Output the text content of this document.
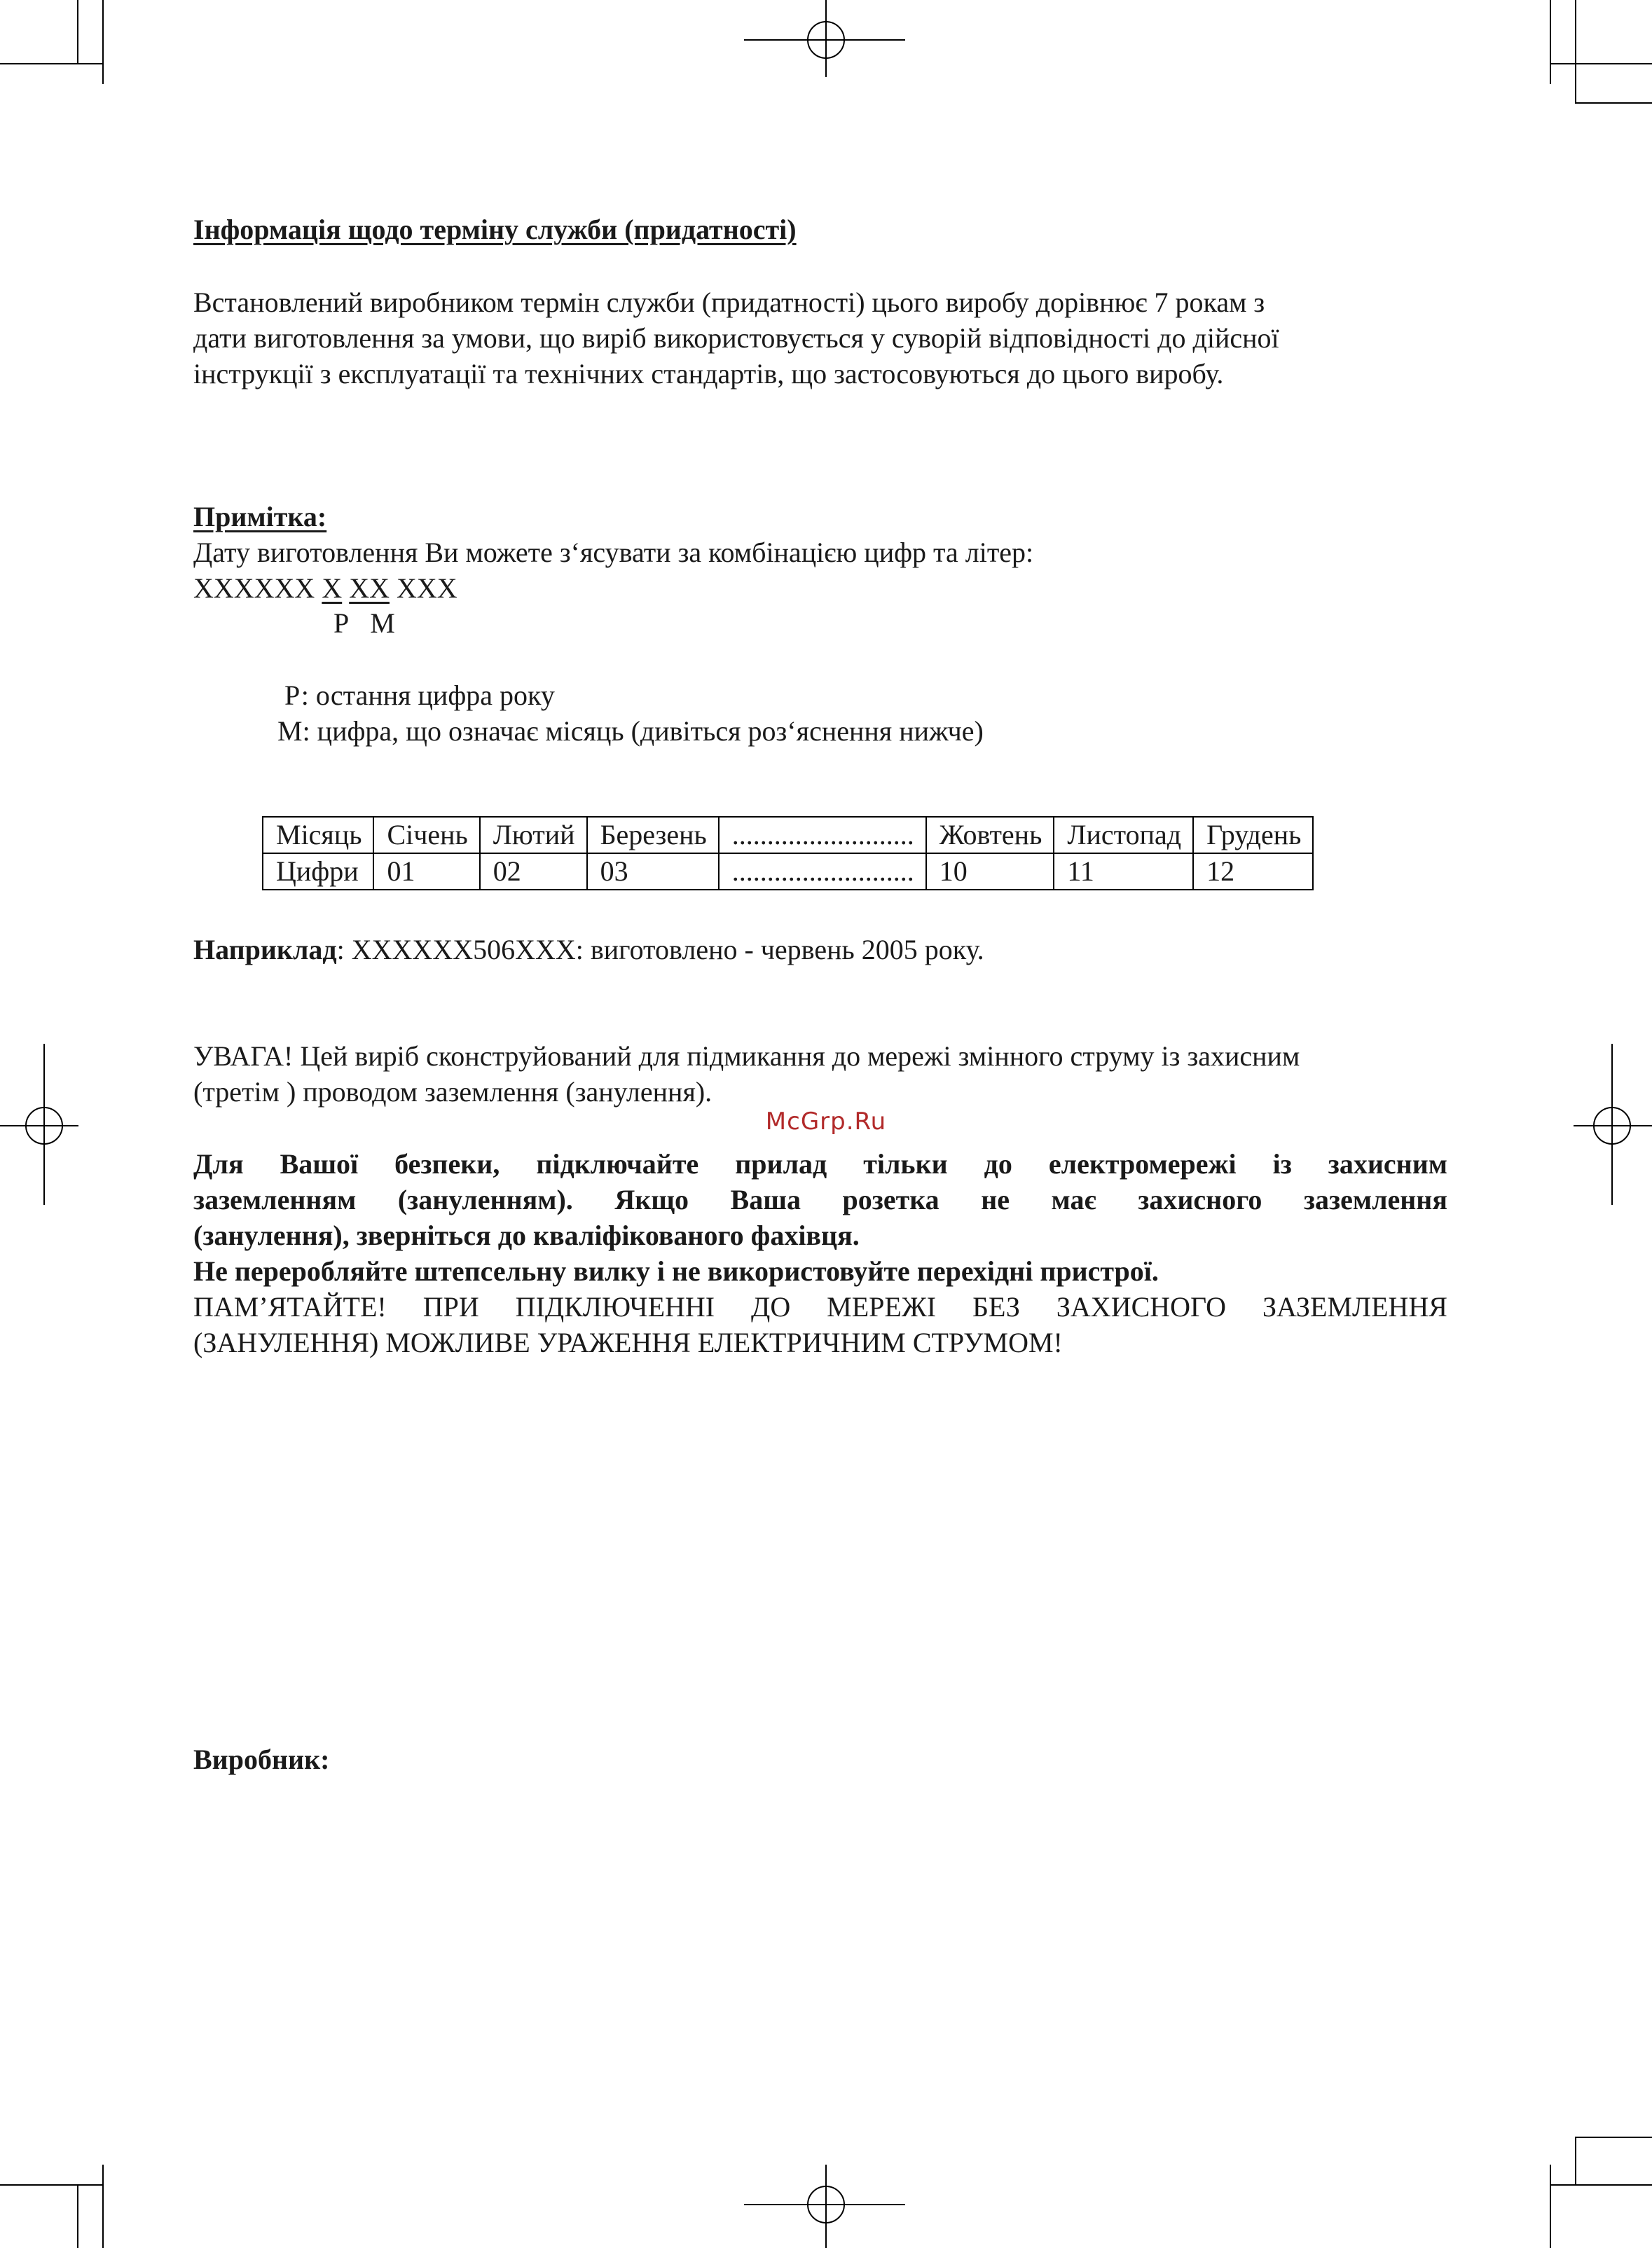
Інформація щодо терміну служби (придатності)

Встановлений виробником термін служби (придатності) цього виробу дорівнює 7 рокам з

дати виготовлення за умови, що виріб використовується у суворій відповідності до дійсної

інструкції з експлуатації та технічних стандартів, що застосовуються до цього виробу.

Примітка:

Дату виготовлення Ви можете з‘ясувати за комбінацією цифр та літер:

XXXXXX X XX XXX

Р   М

Р: остання цифра року

М: цифра, що означає місяць (дивіться роз‘яснення нижче)

Місяць	Січень	Лютий	Березень	..........................	Жовтень	Листопад	Грудень
Цифри	01	02	03	..........................	10	11	12

Наприклад: XXXXXX506XXX: виготовлено - червень 2005 року.

УВАГА! Цей виріб сконструйований для підмикання до мережі змінного струму із захисним

(третім ) проводом заземлення (занулення).

Для Вашої безпеки, підключайте прилад тільки до електромережі із захисним

заземленням (зануленням). Якщо Ваша розетка не має захисного заземлення

(занулення), зверніться до кваліфікованого фахівця.

Не переробляйте штепсельну вилку і не використовуйте перехідні пристрої.

ПАМ’ЯТАЙТЕ! ПРИ ПІДКЛЮЧЕННІ ДО МЕРЕЖІ БЕЗ ЗАХИСНОГО ЗАЗЕМЛЕННЯ

(ЗАНУЛЕННЯ) МОЖЛИВЕ УРАЖЕННЯ ЕЛЕКТРИЧНИМ СТРУМОМ!

Виробник:

McGrp.Ru
